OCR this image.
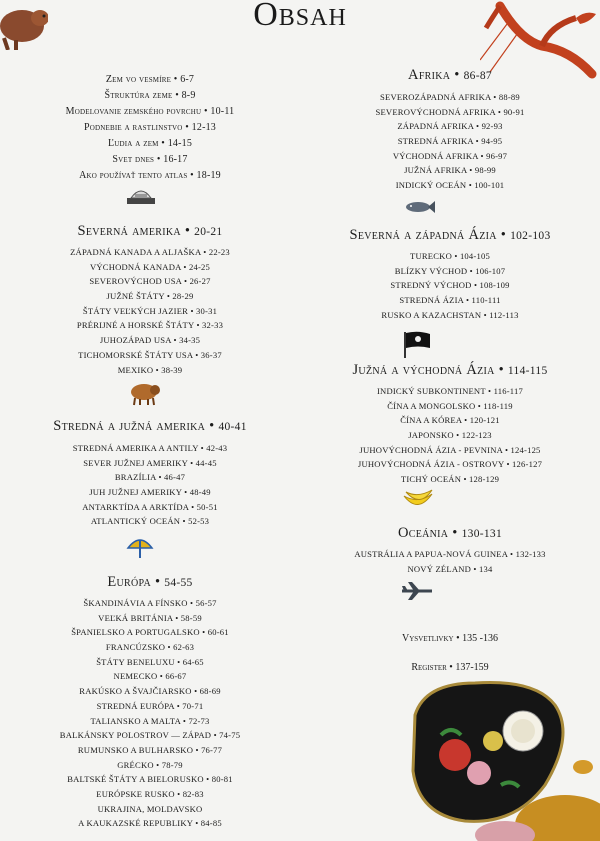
Obsah
Zem vo vesmíre • 6-7
Štruktúra zeme • 8-9
Modelovanie zemského povrchu • 10-11
Podnebie a rastlinstvo • 12-13
Ľudia a zem • 14-15
Svet dnes • 16-17
Ako používať tento atlas • 18-19
Severná amerika • 20-21
ZÁPADNÁ KANADA A ALJAŠKA • 22-23
VÝCHODNÁ KANADA • 24-25
SEVEROVÝCHOD USA • 26-27
JUŽNÉ ŠTÁTY • 28-29
ŠTÁTY VEĽKÝCH JAZIER • 30-31
PRÉRIJNÉ A HORSKÉ ŠTÁTY • 32-33
JUHOZÁPAD USA • 34-35
TICHOMORSKÉ ŠTÁTY USA • 36-37
MEXIKO • 38-39
Stredná a južná amerika • 40-41
STREDNÁ AMERIKA A ANTILY • 42-43
SEVER JUŽNEJ AMERIKY • 44-45
BRAZÍLIA • 46-47
JUH JUŽNEJ AMERIKY • 48-49
ANTARKTÍDA A ARKTÍDA • 50-51
ATLANTICKÝ OCEÁN • 52-53
Európa • 54-55
ŠKANDINÁVIA A FÍNSKO • 56-57
VEĽKÁ BRITÁNIA • 58-59
ŠPANIELSKO A PORTUGALSKO • 60-61
FRANCÚZSKO • 62-63
ŠTÁTY BENELUXU • 64-65
NEMECKO • 66-67
RAKÚSKO A ŠVAJČIARSKO • 68-69
STREDNÁ EURÓPA • 70-71
TALIANSKO A MALTA • 72-73
BALKÁNSKY POLOSTROV — ZÁPAD • 74-75
RUMUNSKO A BULHARSKO • 76-77
GRÉCKO • 78-79
BALTSKÉ ŠTÁTY A BIELORUSKO • 80-81
EURÓPSKE RUSKO • 82-83
UKRAJINA, MOLDAVSKO
A KAUKAZSKÉ REPUBLIKY • 84-85
Afrika • 86-87
SEVEROZÁPADNÁ AFRIKA • 88-89
SEVEROVÝCHODNÁ AFRIKA • 90-91
ZÁPADNÁ AFRIKA • 92-93
STREDNÁ AFRIKA • 94-95
VÝCHODNÁ AFRIKA • 96-97
JUŽNÁ AFRIKA • 98-99
INDICKÝ OCEÁN • 100-101
Severná a západná Ázia • 102-103
TURECKO • 104-105
BLÍZKY VÝCHOD • 106-107
STREDNÝ VÝCHOD • 108-109
STREDNÁ ÁZIA • 110-111
RUSKO A KAZACHSTAN • 112-113
Južná a východná Ázia • 114-115
INDICKÝ SUBKONTINENT • 116-117
ČÍNA A MONGOLSKO • 118-119
ČÍNA A KÓREA • 120-121
JAPONSKO • 122-123
JUHOVÝCHODNÁ ÁZIA - PEVNINA • 124-125
JUHOVÝCHODNÁ ÁZIA - OSTROVY • 126-127
TICHÝ OCEÁN • 128-129
Oceánia • 130-131
AUSTRÁLIA A PAPUA-NOVÁ GUINEA • 132-133
NOVÝ ZÉLAND • 134
Vysvetlivky • 135 -136
Register • 137-159
